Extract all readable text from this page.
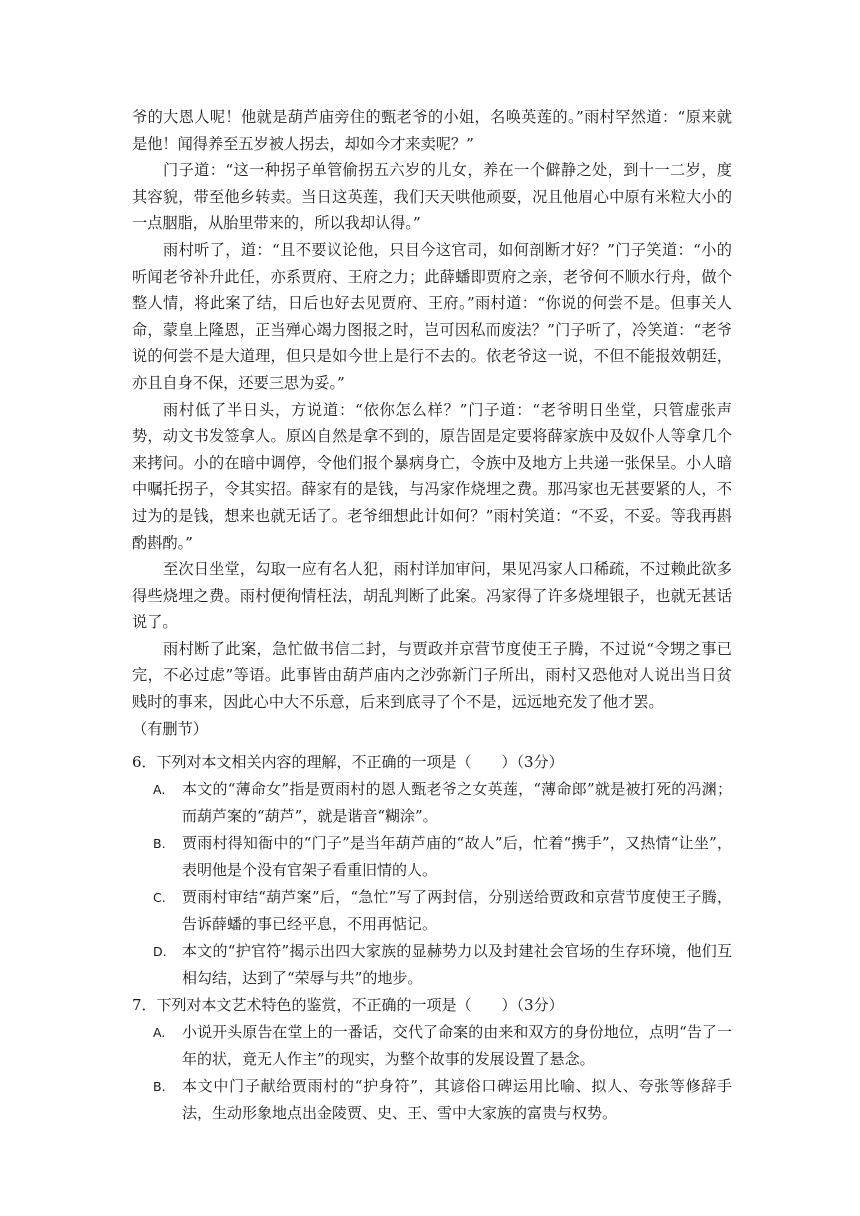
爷的大恩人呢！他就是葫芦庙旁住的甄老爷的小姐，名唤英莲的。”雨村罕然道：“原来就是他！闻得养至五岁被人拐去，却如今才来卖呢？”

门子道：“这一种拐子单管偷拐五六岁的儿女，养在一个僻静之处，到十一二岁，度其容貌，带至他乡转卖。当日这英莲，我们天天哄他顽耍，况且他眉心中原有米粒大小的一点胭脂，从胎里带来的，所以我却认得。”

雨村听了，道：“且不要议论他，只目今这官司，如何剖断才好？”门子笑道：“小的听闻老爷补升此任，亦系贾府、王府之力；此薛蟠即贾府之亲，老爷何不顺水行舟，做个整人情，将此案了结，日后也好去见贾府、王府。”雨村道：“你说的何尝不是。但事关人命，蒙皇上隆恩，正当殚心竭力图报之时，岂可因私而废法？”门子听了，冷笑道：“老爷说的何尝不是大道理，但只是如今世上是行不去的。依老爷这一说，不但不能报效朝廷，亦且自身不保，还要三思为妥。”

雨村低了半日头，方说道：“依你怎么样？”门子道：“老爷明日坐堂，只管虚张声势，动文书发签拿人。原凶自然是拿不到的，原告固是定要将薛家族中及奴仆人等拿几个来拷问。小的在暗中调停，令他们报个暴病身亡，令族中及地方上共递一张保呈。小人暗中嘱托拐子，令其实招。薛家有的是钱，与冯家作烧埋之费。那冯家也无甚要紧的人，不过为的是钱，想来也就无话了。老爷细想此计如何？”雨村笑道：“不妥，不妥。等我再斟酌斟酌。”

至次日坐堂，勾取一应有名人犯，雨村详加审问，果见冯家人口稀疏，不过赖此欲多得些烧埋之费。雨村便徇情枉法，胡乱判断了此案。冯家得了许多烧埋银子，也就无甚话说了。

雨村断了此案，急忙做书信二封，与贾政并京营节度使王子腾，不过说“令甥之事已完，不必过虑”等语。此事皆由葫芦庙内之沙弥新门子所出，雨村又恐他对人说出当日贫贱时的事来，因此心中大不乐意，后来到底寻了个不是，远远地充发了他才罢。

（有删节）

6．下列对本文相关内容的理解，不正确的一项是（　　）（3分）

A.	本文的“薄命女”指是贾雨村的恩人甄老爷之女英莲，“薄命郎”就是被打死的冯渊；而葫芦案的“葫芦”，就是谐音“糊涂”。
B.	贾雨村得知衙中的“门子”是当年葫芦庙的“故人”后，忙着“携手”，又热情“让坐”，表明他是个没有官架子看重旧情的人。
C.	贾雨村审结“葫芦案”后，“急忙”写了两封信，分别送给贾政和京营节度使王子腾，告诉薛蟠的事已经平息，不用再惦记。
D.	本文的“护官符”揭示出四大家族的显赫势力以及封建社会官场的生存环境，他们互相勾结，达到了“荣辱与共”的地步。

7．下列对本文艺术特色的鉴赏，不正确的一项是（　　）（3分）

A.	小说开头原告在堂上的一番话，交代了命案的由来和双方的身份地位，点明“告了一年的状，竟无人作主”的现实，为整个故事的发展设置了悬念。
B.	本文中门子献给贾雨村的“护身符”，其谚俗口碑运用比喻、拟人、夸张等修辞手法，生动形象地点出金陵贾、史、王、雪中大家族的富贵与权势。
